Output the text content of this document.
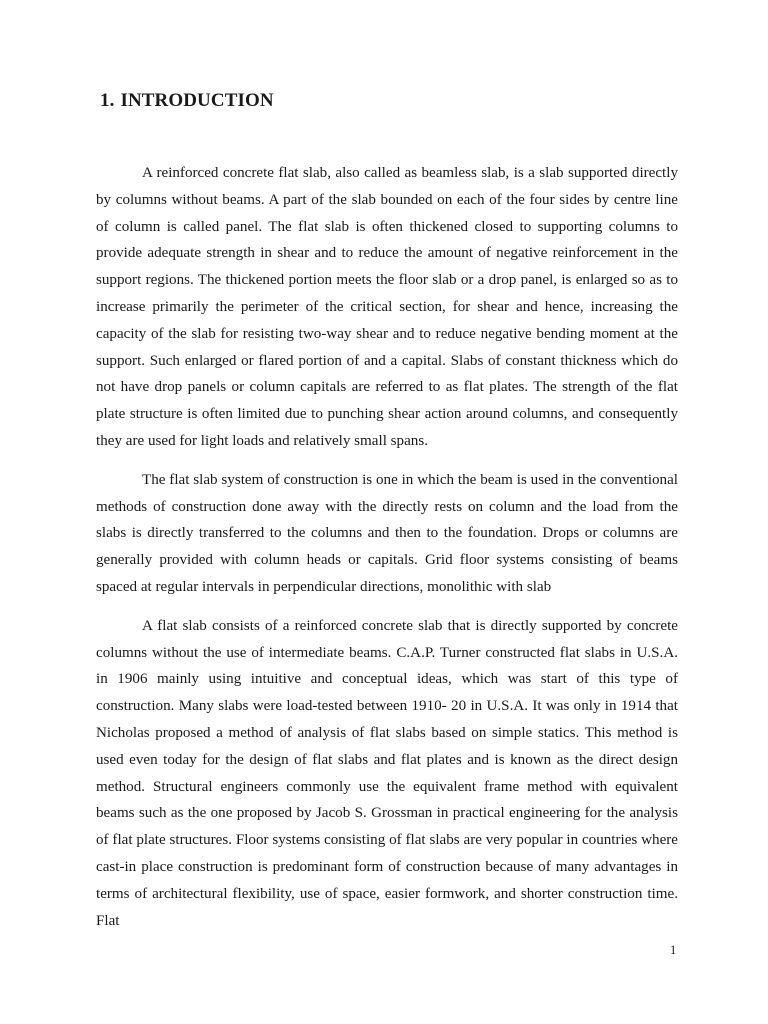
1. INTRODUCTION

A reinforced concrete flat slab, also called as beamless slab, is a slab supported directly by columns without beams. A part of the slab bounded on each of the four sides by centre line of column is called panel. The flat slab is often thickened closed to supporting columns to provide adequate strength in shear and to reduce the amount of negative reinforcement in the support regions. The thickened portion meets the floor slab or a drop panel, is enlarged so as to increase primarily the perimeter of the critical section, for shear and hence, increasing the capacity of the slab for resisting two-way shear and to reduce negative bending moment at the support. Such enlarged or flared portion of and a capital. Slabs of constant thickness which do not have drop panels or column capitals are referred to as flat plates. The strength of the flat plate structure is often limited due to punching shear action around columns, and consequently they are used for light loads and relatively small spans.

The flat slab system of construction is one in which the beam is used in the conventional methods of construction done away with the directly rests on column and the load from the slabs is directly transferred to the columns and then to the foundation. Drops or columns are generally provided with column heads or capitals. Grid floor systems consisting of beams spaced at regular intervals in perpendicular directions, monolithic with slab

A flat slab consists of a reinforced concrete slab that is directly supported by concrete columns without the use of intermediate beams. C.A.P. Turner constructed flat slabs in U.S.A. in 1906 mainly using intuitive and conceptual ideas, which was start of this type of construction. Many slabs were load-tested between 1910- 20 in U.S.A. It was only in 1914 that Nicholas proposed a method of analysis of flat slabs based on simple statics. This method is used even today for the design of flat slabs and flat plates and is known as the direct design method. Structural engineers commonly use the equivalent frame method with equivalent beams such as the one proposed by Jacob S. Grossman in practical engineering for the analysis of flat plate structures. Floor systems consisting of flat slabs are very popular in countries where cast-in place construction is predominant form of construction because of many advantages in terms of architectural flexibility, use of space, easier formwork, and shorter construction time. Flat

1
